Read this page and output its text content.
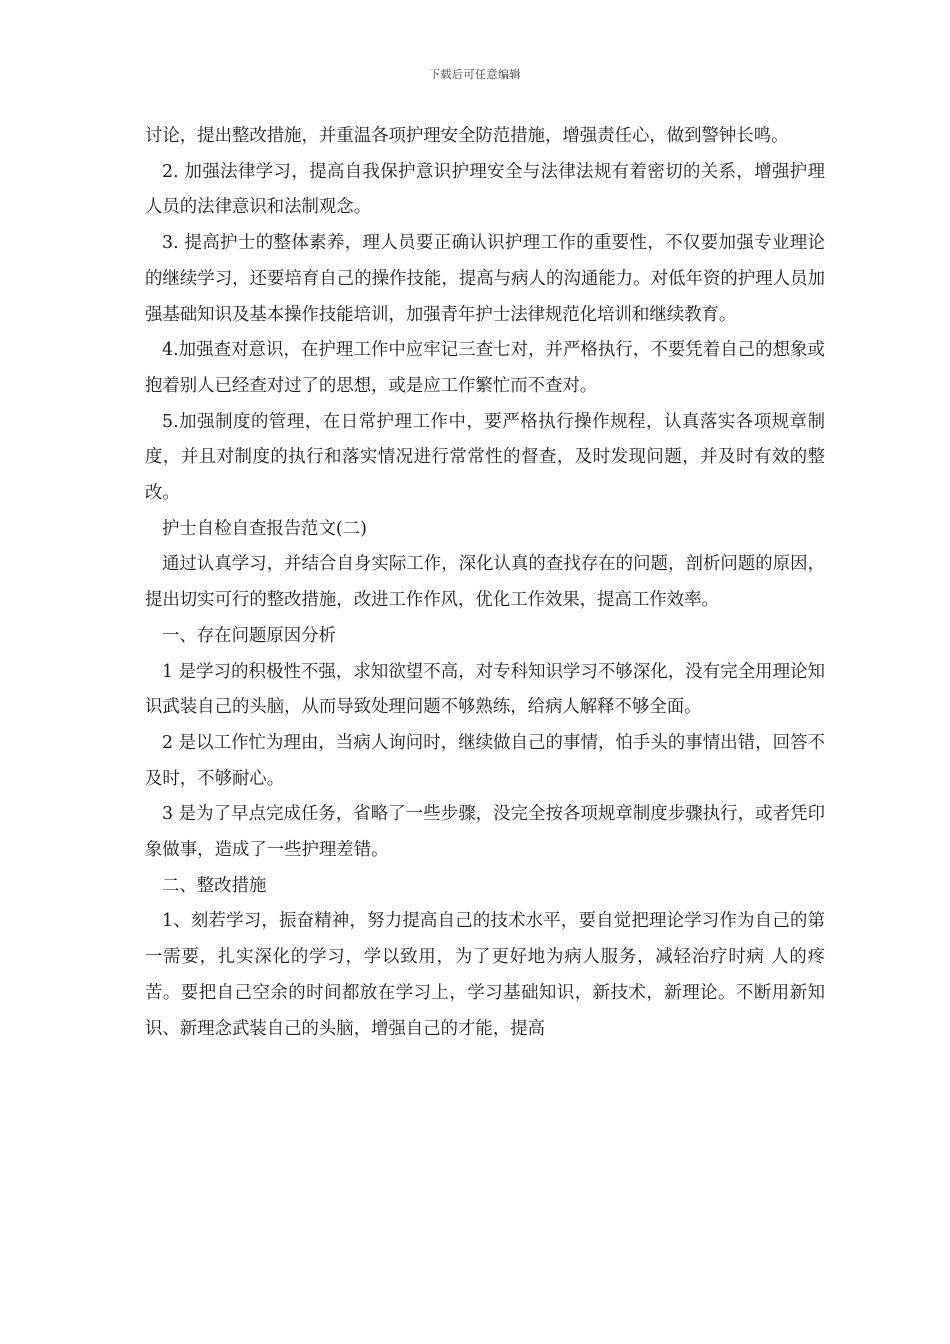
下载后可任意编辑

讨论，提出整改措施，并重温各项护理安全防范措施，增强责任心，做到警钟长鸣。

2. 加强法律学习，提高自我保护意识护理安全与法律法规有着密切的关系，增强护理人员的法律意识和法制观念。

3. 提高护士的整体素养，理人员要正确认识护理工作的重要性，不仅要加强专业理论的继续学习，还要培育自己的操作技能，提高与病人的沟通能力。对低年资的护理人员加强基础知识及基本操作技能培训，加强青年护士法律规范化培训和继续教育。

4.加强查对意识，在护理工作中应牢记三查七对，并严格执行，不要凭着自己的想象或抱着别人已经查对过了的思想，或是应工作繁忙而不查对。

5.加强制度的管理，在日常护理工作中，要严格执行操作规程，认真落实各项规章制度，并且对制度的执行和落实情况进行常常性的督查，及时发现问题，并及时有效的整改。

护士自检自查报告范文(二)

通过认真学习，并结合自身实际工作，深化认真的查找存在的问题，剖析问题的原因，提出切实可行的整改措施，改进工作作风，优化工作效果，提高工作效率。

一、存在问题原因分析

1 是学习的积极性不强，求知欲望不高，对专科知识学习不够深化，没有完全用理论知识武装自己的头脑，从而导致处理问题不够熟练，给病人解释不够全面。

2 是以工作忙为理由，当病人询问时，继续做自己的事情，怕手头的事情出错，回答不及时，不够耐心。

3 是为了早点完成任务，省略了一些步骤，没完全按各项规章制度步骤执行，或者凭印象做事，造成了一些护理差错。

二、整改措施

1、刻若学习，振奋精神，努力提高自己的技术水平，要自觉把理论学习作为自己的第一需要，扎实深化的学习，学以致用，为了更好地为病人服务，减轻治疗时病 人的疼苦。要把自己空余的时间都放在学习上，学习基础知识，新技术，新理论。不断用新知识、新理念武装自己的头脑，增强自己的才能，提高
